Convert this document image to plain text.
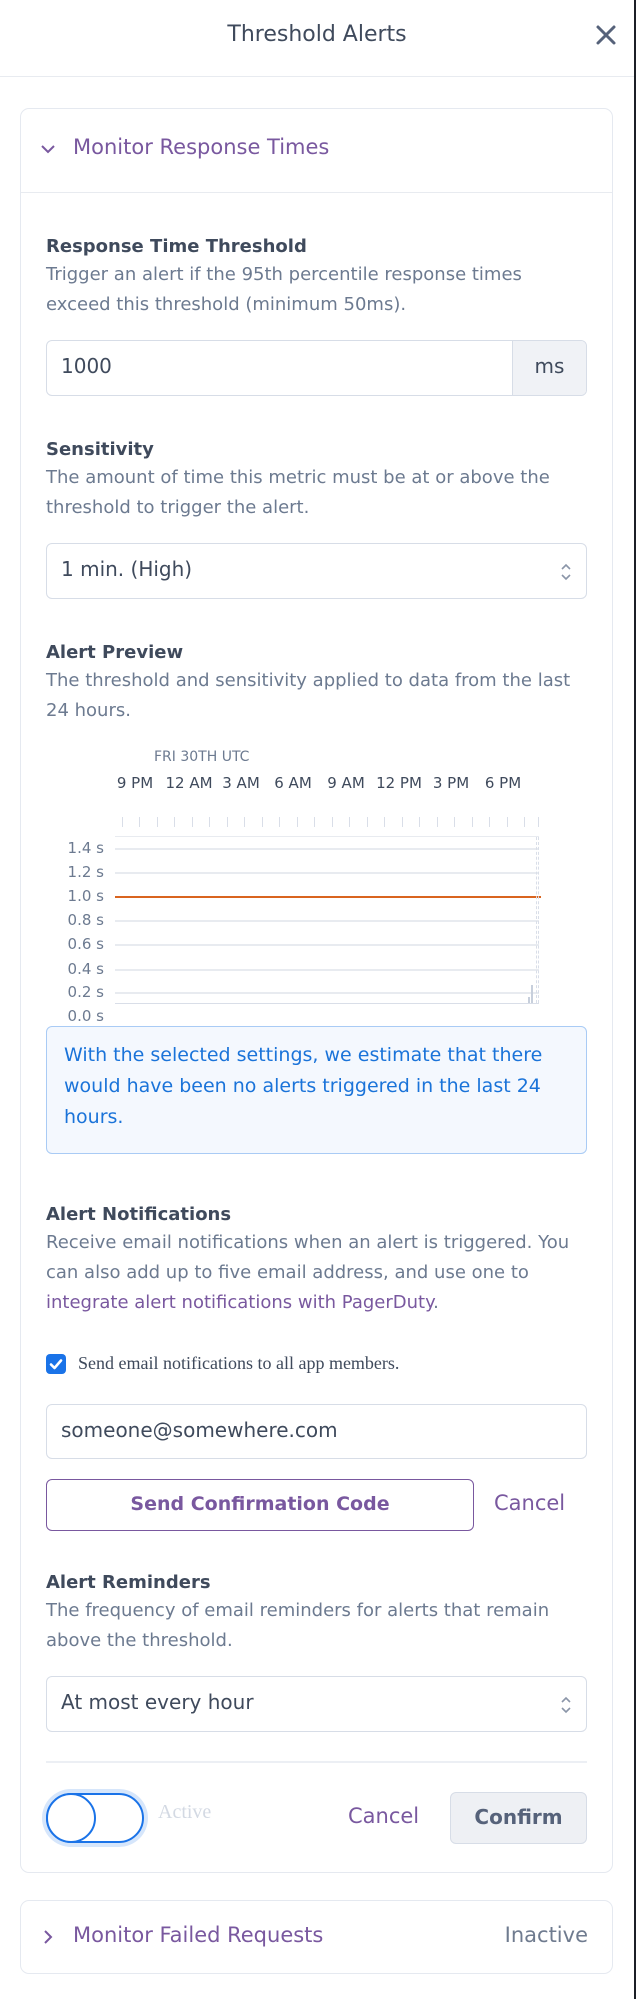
Threshold Alerts
Monitor Response Times
Response Time Threshold
Trigger an alert if the 95th percentile response times exceed this threshold (minimum 50ms).
1000	ms
Sensitivity
The amount of time this metric must be at or above the threshold to trigger the alert.
1 min. (High)
Alert Preview
The threshold and sensitivity applied to data from the last 24 hours.
FRI 30TH UTC
9 PM 12 AM 3 AM 6 AM 9 AM 12 PM 3 PM 6 PM
1.4 s
1.2 s
1.0 s
0.8 s
0.6 s
0.4 s
0.2 s
0.0 s
With the selected settings, we estimate that there would have been no alerts triggered in the last 24 hours.
Alert Notifications
Receive email notifications when an alert is triggered. You can also add up to five email address, and use one to integrate alert notifications with PagerDuty.
Send email notifications to all app members.
someone@somewhere.com
Send Confirmation Code	Cancel
Alert Reminders
The frequency of email reminders for alerts that remain above the threshold.
At most every hour
Active	Cancel	Confirm
Monitor Failed Requests	Inactive
